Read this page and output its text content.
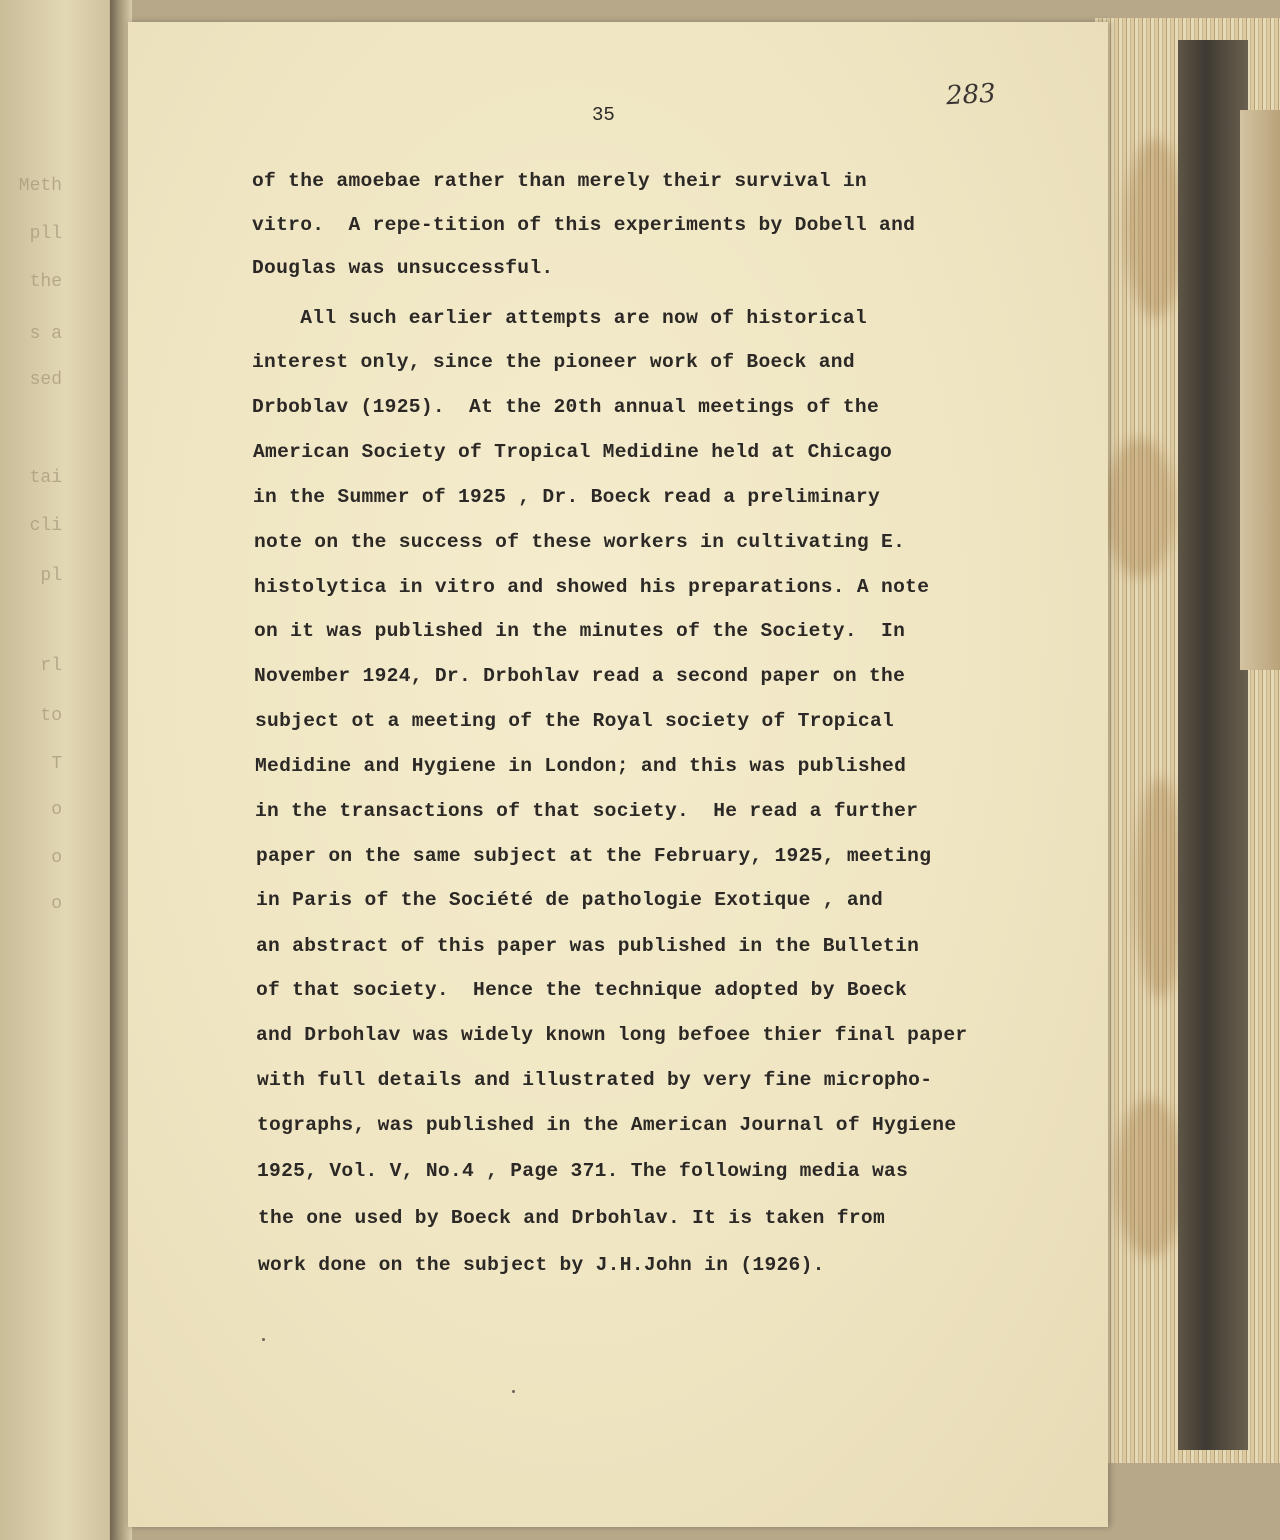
Meth
pll
the
s a
sed
tai
cli
pl
rl
to
T
o
o
o
35
283
of the amoebae rather than merely their survival in
vitro.  A repe-tition of this experiments by Dobell and
Douglas was unsuccessful.
All such earlier attempts are now of historical
interest only, since the pioneer work of Boeck and
Drboblav (1925).  At the 20th annual meetings of the
American Society of Tropical Medidine held at Chicago
in the Summer of 1925 , Dr. Boeck read a preliminary
note on the success of these workers in cultivating E.
histolytica in vitro and showed his preparations. A note
on it was published in the minutes of the Society.  In
November 1924, Dr. Drbohlav read a second paper on the
subject ot a meeting of the Royal society of Tropical
Medidine and Hygiene in London; and this was published
in the transactions of that society.  He read a further
paper on the same subject at the February, 1925, meeting
in Paris of the Société de pathologie Exotique , and
an abstract of this paper was published in the Bulletin
of that society.  Hence the technique adopted by Boeck
and Drbohlav was widely known long befoee thier final paper
with full details and illustrated by very fine micropho-
tographs, was published in the American Journal of Hygiene
1925, Vol. V, No.4 , Page 371. The following media was
the one used by Boeck and Drbohlav. It is taken from
work done on the subject by J.H.John in (1926).
